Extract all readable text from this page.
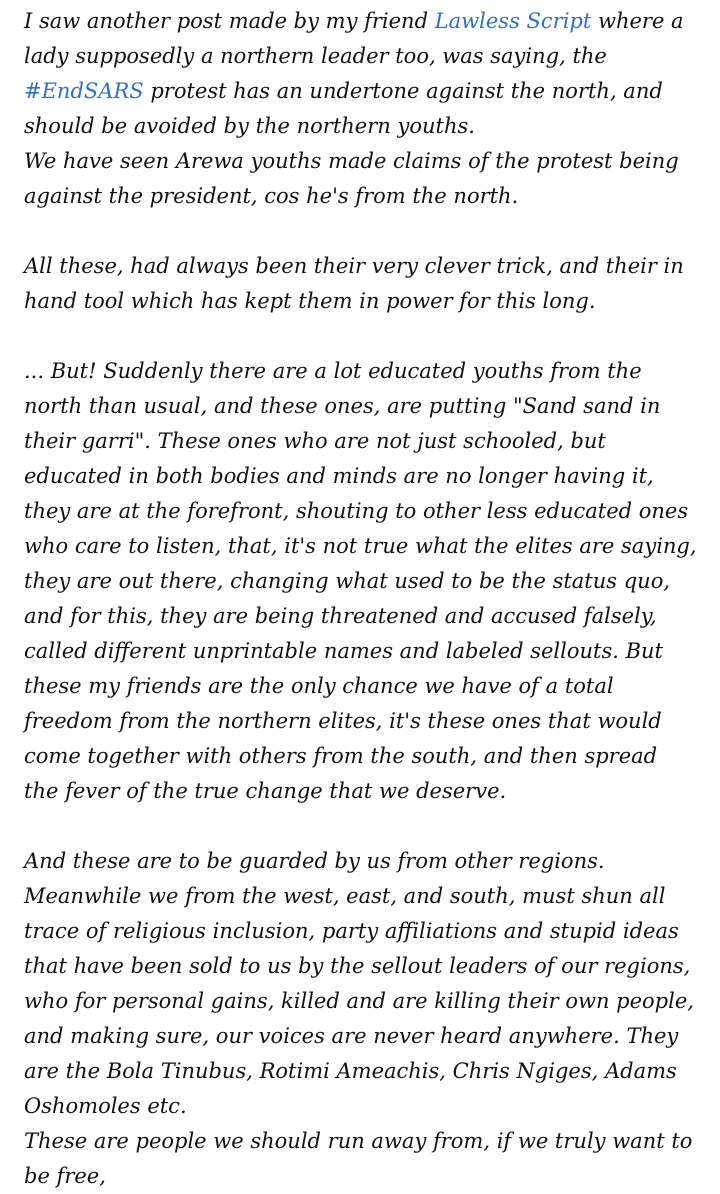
I saw another post made by my friend Lawless Script where a lady supposedly a northern leader too, was saying, the #EndSARS protest has an undertone against the north, and should be avoided by the northern youths.

We have seen Arewa youths made claims of the protest being against the president, cos he's from the north.

All these, had always been their very clever trick, and their in hand tool which has kept them in power for this long.

... But! Suddenly there are a lot educated youths from the north than usual, and these ones, are putting "Sand sand in their garri". These ones who are not just schooled, but educated in both bodies and minds are no longer having it, they are at the forefront, shouting to other less educated ones who care to listen, that, it's not true what the elites are saying, they are out there, changing what used to be the status quo, and for this, they are being threatened and accused falsely, called different unprintable names and labeled sellouts. But these my friends are the only chance we have of a total freedom from the northern elites, it's these ones that would come together with others from the south, and then spread the fever of the true change that we deserve.

And these are to be guarded by us from other regions.

Meanwhile we from the west, east, and south, must shun all trace of religious inclusion, party affiliations and stupid ideas that have been sold to us by the sellout leaders of our regions, who for personal gains, killed and are killing their own people, and making sure, our voices are never heard anywhere. They are the Bola Tinubus, Rotimi Ameachis, Chris Ngiges, Adams Oshomoles etc.

These are people we should run away from, if we truly want to be free,
